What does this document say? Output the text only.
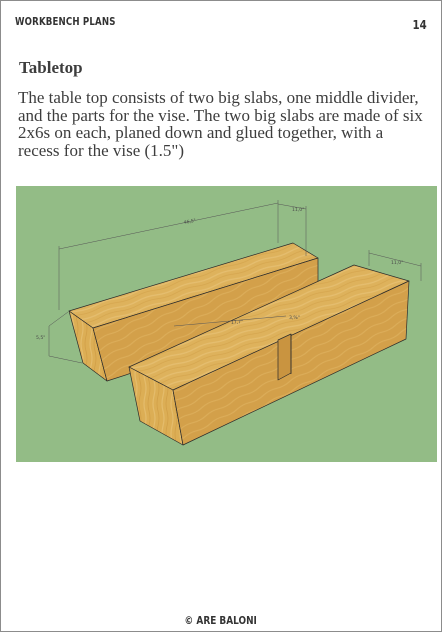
WORKBENCH PLANS	14
Tabletop

The table top consists of two big slabs, one middle divider, and the parts for the vise. The two big slabs are made of six 2x6s on each, planed down and glued together, with a recess for the vise (1.5")

46,5"
11,0"
11,0"
5,5"
17,7"
3,%"
© ARE BALONI
